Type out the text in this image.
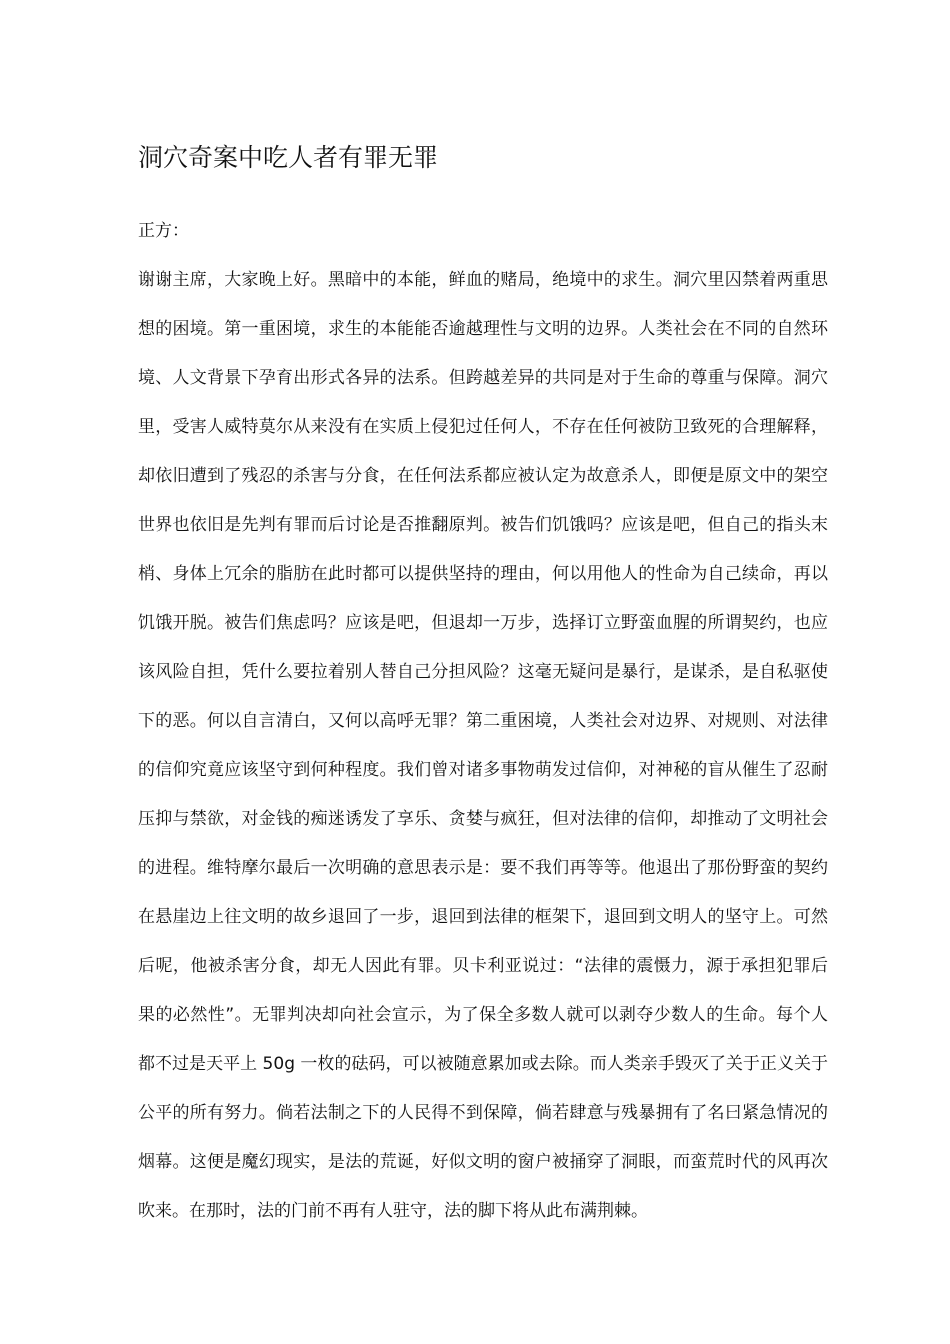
洞穴奇案中吃人者有罪无罪

正方：

谢谢主席，大家晚上好。黑暗中的本能，鲜血的赌局，绝境中的求生。洞穴里囚禁着两重思
想的困境。第一重困境，求生的本能能否逾越理性与文明的边界。人类社会在不同的自然环
境、人文背景下孕育出形式各异的法系。但跨越差异的共同是对于生命的尊重与保障。洞穴
里，受害人威特莫尔从来没有在实质上侵犯过任何人，不存在任何被防卫致死的合理解释，
却依旧遭到了残忍的杀害与分食，在任何法系都应被认定为故意杀人，即便是原文中的架空
世界也依旧是先判有罪而后讨论是否推翻原判。被告们饥饿吗？应该是吧，但自己的指头末
梢、身体上冗余的脂肪在此时都可以提供坚持的理由，何以用他人的性命为自己续命，再以
饥饿开脱。被告们焦虑吗？应该是吧，但退却一万步，选择订立野蛮血腥的所谓契约，也应
该风险自担，凭什么要拉着别人替自己分担风险？这毫无疑问是暴行，是谋杀，是自私驱使
下的恶。何以自言清白，又何以高呼无罪？第二重困境，人类社会对边界、对规则、对法律
的信仰究竟应该坚守到何种程度。我们曾对诸多事物萌发过信仰，对神秘的盲从催生了忍耐
压抑与禁欲，对金钱的痴迷诱发了享乐、贪婪与疯狂，但对法律的信仰，却推动了文明社会
的进程。维特摩尔最后一次明确的意思表示是：要不我们再等等。他退出了那份野蛮的契约
在悬崖边上往文明的故乡退回了一步，退回到法律的框架下，退回到文明人的坚守上。可然
后呢，他被杀害分食，却无人因此有罪。贝卡利亚说过：“法律的震慑力，源于承担犯罪后
果的必然性”。无罪判决却向社会宣示，为了保全多数人就可以剥夺少数人的生命。每个人
都不过是天平上 50g 一枚的砝码，可以被随意累加或去除。而人类亲手毁灭了关于正义关于
公平的所有努力。倘若法制之下的人民得不到保障，倘若肆意与残暴拥有了名曰紧急情况的
烟幕。这便是魔幻现实，是法的荒诞，好似文明的窗户被捅穿了洞眼，而蛮荒时代的风再次
吹来。在那时，法的门前不再有人驻守，法的脚下将从此布满荆棘。
